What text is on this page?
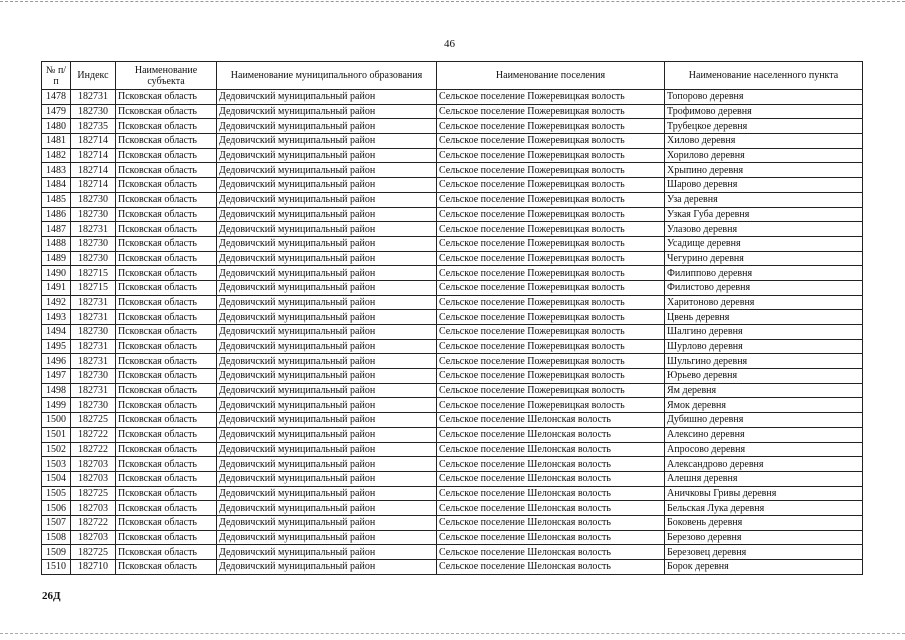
46
№ п/п	Индекс	Наименование субъекта	Наименование муниципального образования	Наименование поселения	Наименование населенного пункта
1478	182731	Псковская область	Дедовичский муниципальный район	Сельское поселение Пожеревицкая волость	Топорово деревня
1479	182730	Псковская область	Дедовичский муниципальный район	Сельское поселение Пожеревицкая волость	Трофимово деревня
1480	182735	Псковская область	Дедовичский муниципальный район	Сельское поселение Пожеревицкая волость	Трубецкое деревня
1481	182714	Псковская область	Дедовичский муниципальный район	Сельское поселение Пожеревицкая волость	Хилово деревня
1482	182714	Псковская область	Дедовичский муниципальный район	Сельское поселение Пожеревицкая волость	Хорилово деревня
1483	182714	Псковская область	Дедовичский муниципальный район	Сельское поселение Пожеревицкая волость	Хрыпино деревня
1484	182714	Псковская область	Дедовичский муниципальный район	Сельское поселение Пожеревицкая волость	Шарово деревня
1485	182730	Псковская область	Дедовичский муниципальный район	Сельское поселение Пожеревицкая волость	Уза деревня
1486	182730	Псковская область	Дедовичский муниципальный район	Сельское поселение Пожеревицкая волость	Узкая Губа деревня
1487	182731	Псковская область	Дедовичский муниципальный район	Сельское поселение Пожеревицкая волость	Улазово деревня
1488	182730	Псковская область	Дедовичский муниципальный район	Сельское поселение Пожеревицкая волость	Усадище деревня
1489	182730	Псковская область	Дедовичский муниципальный район	Сельское поселение Пожеревицкая волость	Чегурино деревня
1490	182715	Псковская область	Дедовичский муниципальный район	Сельское поселение Пожеревицкая волость	Филиппово деревня
1491	182715	Псковская область	Дедовичский муниципальный район	Сельское поселение Пожеревицкая волость	Филистово деревня
1492	182731	Псковская область	Дедовичский муниципальный район	Сельское поселение Пожеревицкая волость	Харитоново деревня
1493	182731	Псковская область	Дедовичский муниципальный район	Сельское поселение Пожеревицкая волость	Цвень деревня
1494	182730	Псковская область	Дедовичский муниципальный район	Сельское поселение Пожеревицкая волость	Шалгино деревня
1495	182731	Псковская область	Дедовичский муниципальный район	Сельское поселение Пожеревицкая волость	Шурлово деревня
1496	182731	Псковская область	Дедовичский муниципальный район	Сельское поселение Пожеревицкая волость	Шульгино деревня
1497	182730	Псковская область	Дедовичский муниципальный район	Сельское поселение Пожеревицкая волость	Юрьево деревня
1498	182731	Псковская область	Дедовичский муниципальный район	Сельское поселение Пожеревицкая волость	Ям деревня
1499	182730	Псковская область	Дедовичский муниципальный район	Сельское поселение Пожеревицкая волость	Ямок деревня
1500	182725	Псковская область	Дедовичский муниципальный район	Сельское поселение Шелонская волость	Дубишно деревня
1501	182722	Псковская область	Дедовичский муниципальный район	Сельское поселение Шелонская волость	Алексино деревня
1502	182722	Псковская область	Дедовичский муниципальный район	Сельское поселение Шелонская волость	Апросово деревня
1503	182703	Псковская область	Дедовичский муниципальный район	Сельское поселение Шелонская волость	Александрово деревня
1504	182703	Псковская область	Дедовичский муниципальный район	Сельское поселение Шелонская волость	Алешня деревня
1505	182725	Псковская область	Дедовичский муниципальный район	Сельское поселение Шелонская волость	Аничковы Гривы деревня
1506	182703	Псковская область	Дедовичский муниципальный район	Сельское поселение Шелонская волость	Бельская Лука деревня
1507	182722	Псковская область	Дедовичский муниципальный район	Сельское поселение Шелонская волость	Боковень деревня
1508	182703	Псковская область	Дедовичский муниципальный район	Сельское поселение Шелонская волость	Березово деревня
1509	182725	Псковская область	Дедовичский муниципальный район	Сельское поселение Шелонская волость	Березовец деревня
1510	182710	Псковская область	Дедовичский муниципальный район	Сельское поселение Шелонская волость	Борок деревня
26Д
